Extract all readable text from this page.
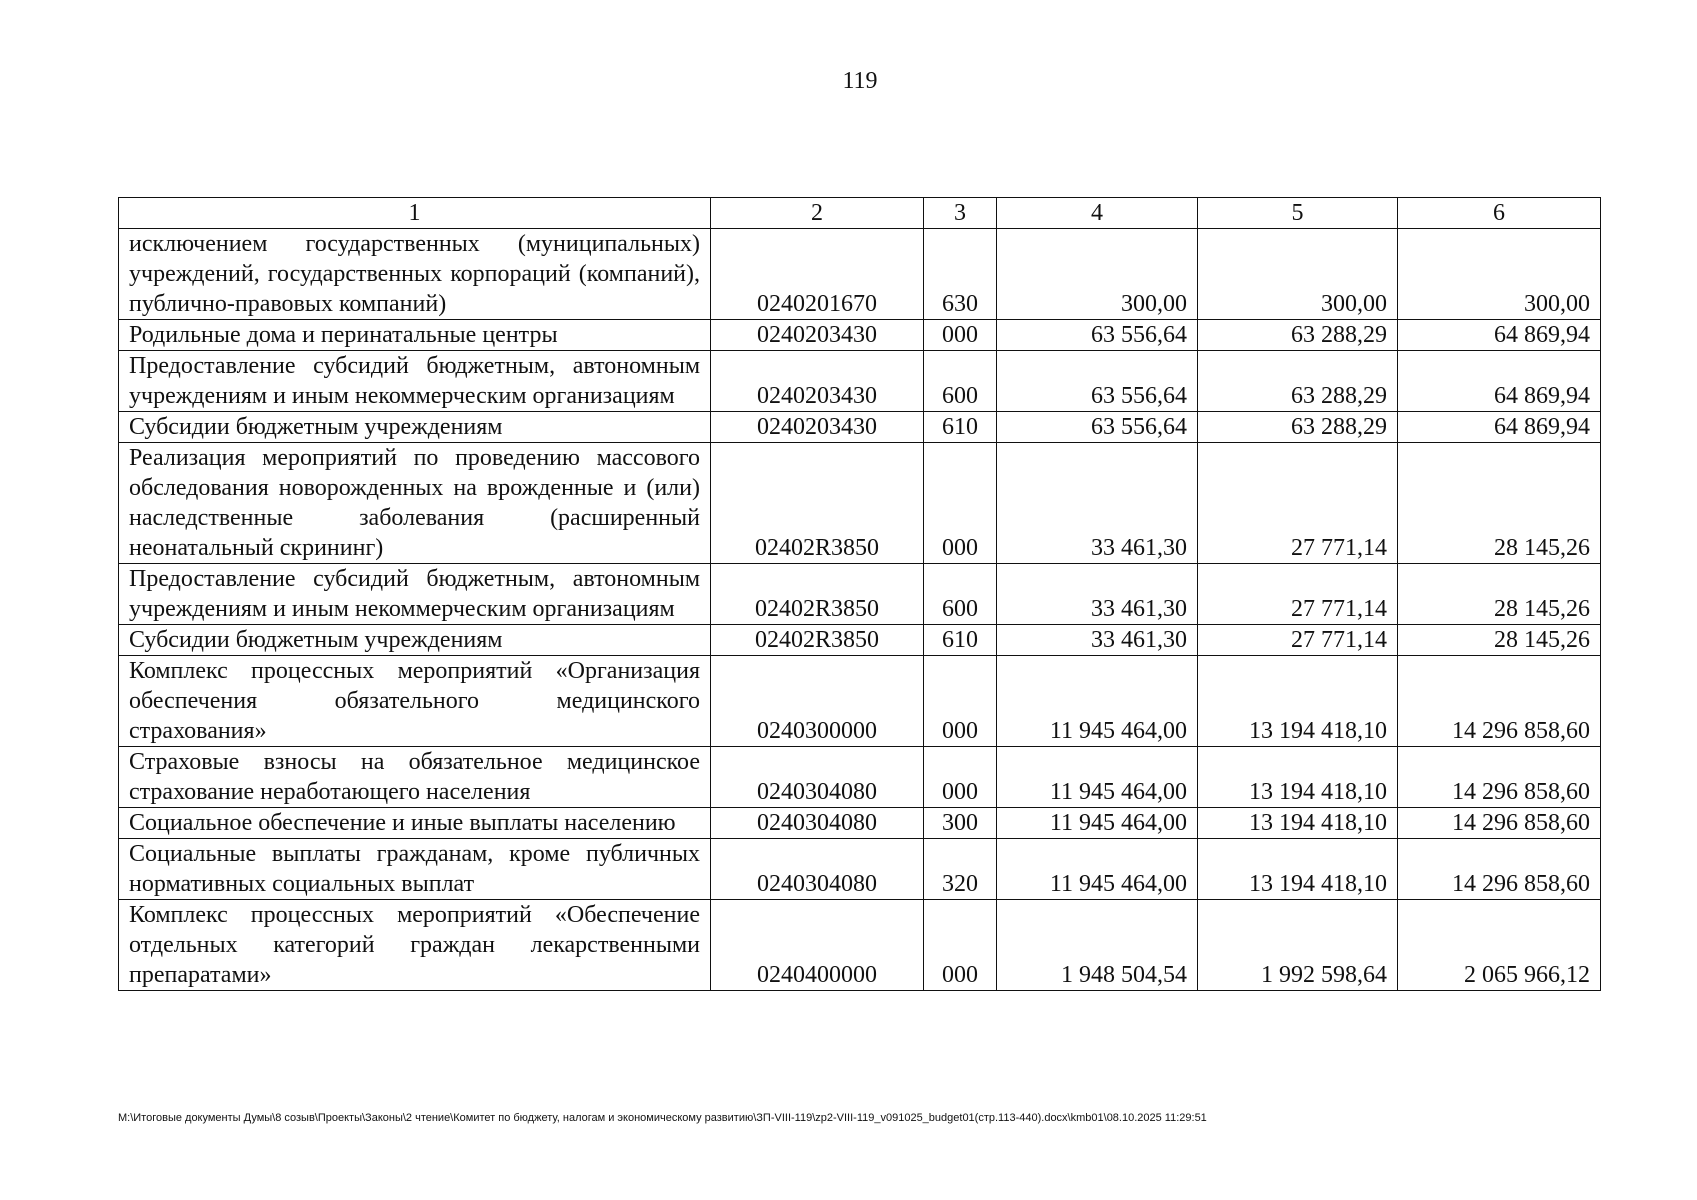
119
1	2	3	4	5	6
исключением государственных (муниципальных) учреждений, государственных корпораций (компаний), публично-правовых компаний)	0240201670	630	300,00	300,00	300,00
Родильные дома и перинатальные центры	0240203430	000	63 556,64	63 288,29	64 869,94
Предоставление субсидий бюджетным, автономным учреждениям и иным некоммерческим организациям	0240203430	600	63 556,64	63 288,29	64 869,94
Субсидии бюджетным учреждениям	0240203430	610	63 556,64	63 288,29	64 869,94
Реализация мероприятий по проведению массового обследования новорожденных на врожденные и (или) наследственные заболевания (расширенный неонатальный скрининг)	02402R3850	000	33 461,30	27 771,14	28 145,26
Предоставление субсидий бюджетным, автономным учреждениям и иным некоммерческим организациям	02402R3850	600	33 461,30	27 771,14	28 145,26
Субсидии бюджетным учреждениям	02402R3850	610	33 461,30	27 771,14	28 145,26
Комплекс процессных мероприятий «Организация обеспечения обязательного медицинского страхования»	0240300000	000	11 945 464,00	13 194 418,10	14 296 858,60
Страховые взносы на обязательное медицинское страхование неработающего населения	0240304080	000	11 945 464,00	13 194 418,10	14 296 858,60
Социальное обеспечение и иные выплаты населению	0240304080	300	11 945 464,00	13 194 418,10	14 296 858,60
Социальные выплаты гражданам, кроме публичных нормативных социальных выплат	0240304080	320	11 945 464,00	13 194 418,10	14 296 858,60
Комплекс процессных мероприятий «Обеспечение отдельных категорий граждан лекарственными препаратами»	0240400000	000	1 948 504,54	1 992 598,64	2 065 966,12
M:\Итоговые документы Думы\8 созыв\Проекты\Законы\2 чтение\Комитет по бюджету, налогам и экономическому развитию\ЗП-VIII-119\zp2-VIII-119_v091025_budget01(стр.113-440).docx\kmb01\08.10.2025 11:29:51
